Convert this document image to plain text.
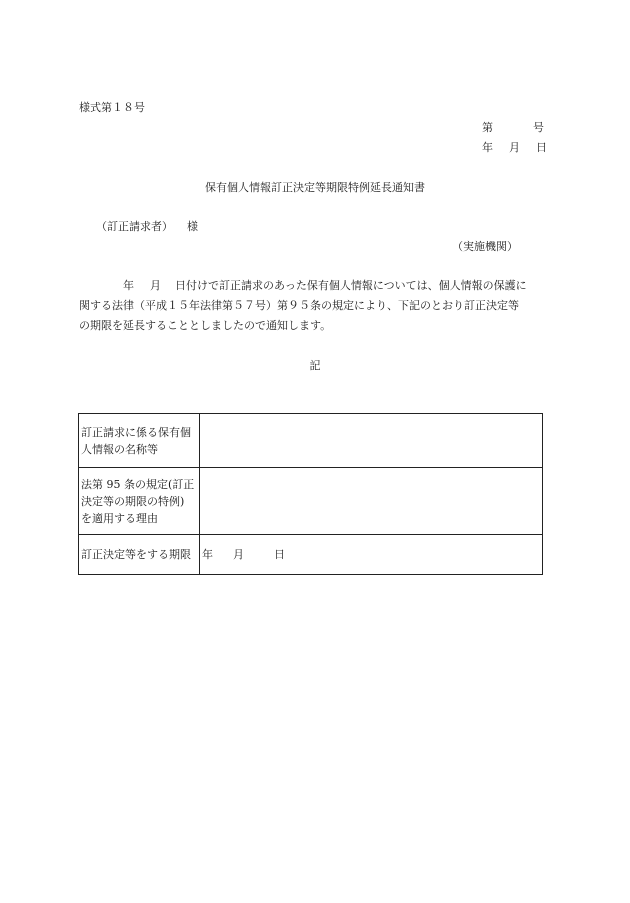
様式第１８号
第	号
年 月 日
保有個人情報訂正決定等期限特例延長通知書
（訂正請求者） 様
（実施機関）
年 月 日付けで訂正請求のあった保有個人情報については、個人情報の保護に
関する法律（平成１５年法律第５７号）第９５条の規定により、下記のとおり訂正決定等
の期限を延長することとしましたので通知します。
記
訂正請求に係る保有個
人情報の名称等	

法第 95 条の規定(訂正
決定等の期限の特例)
を適用する理由	

訂正決定等をする期限	年 月 日
